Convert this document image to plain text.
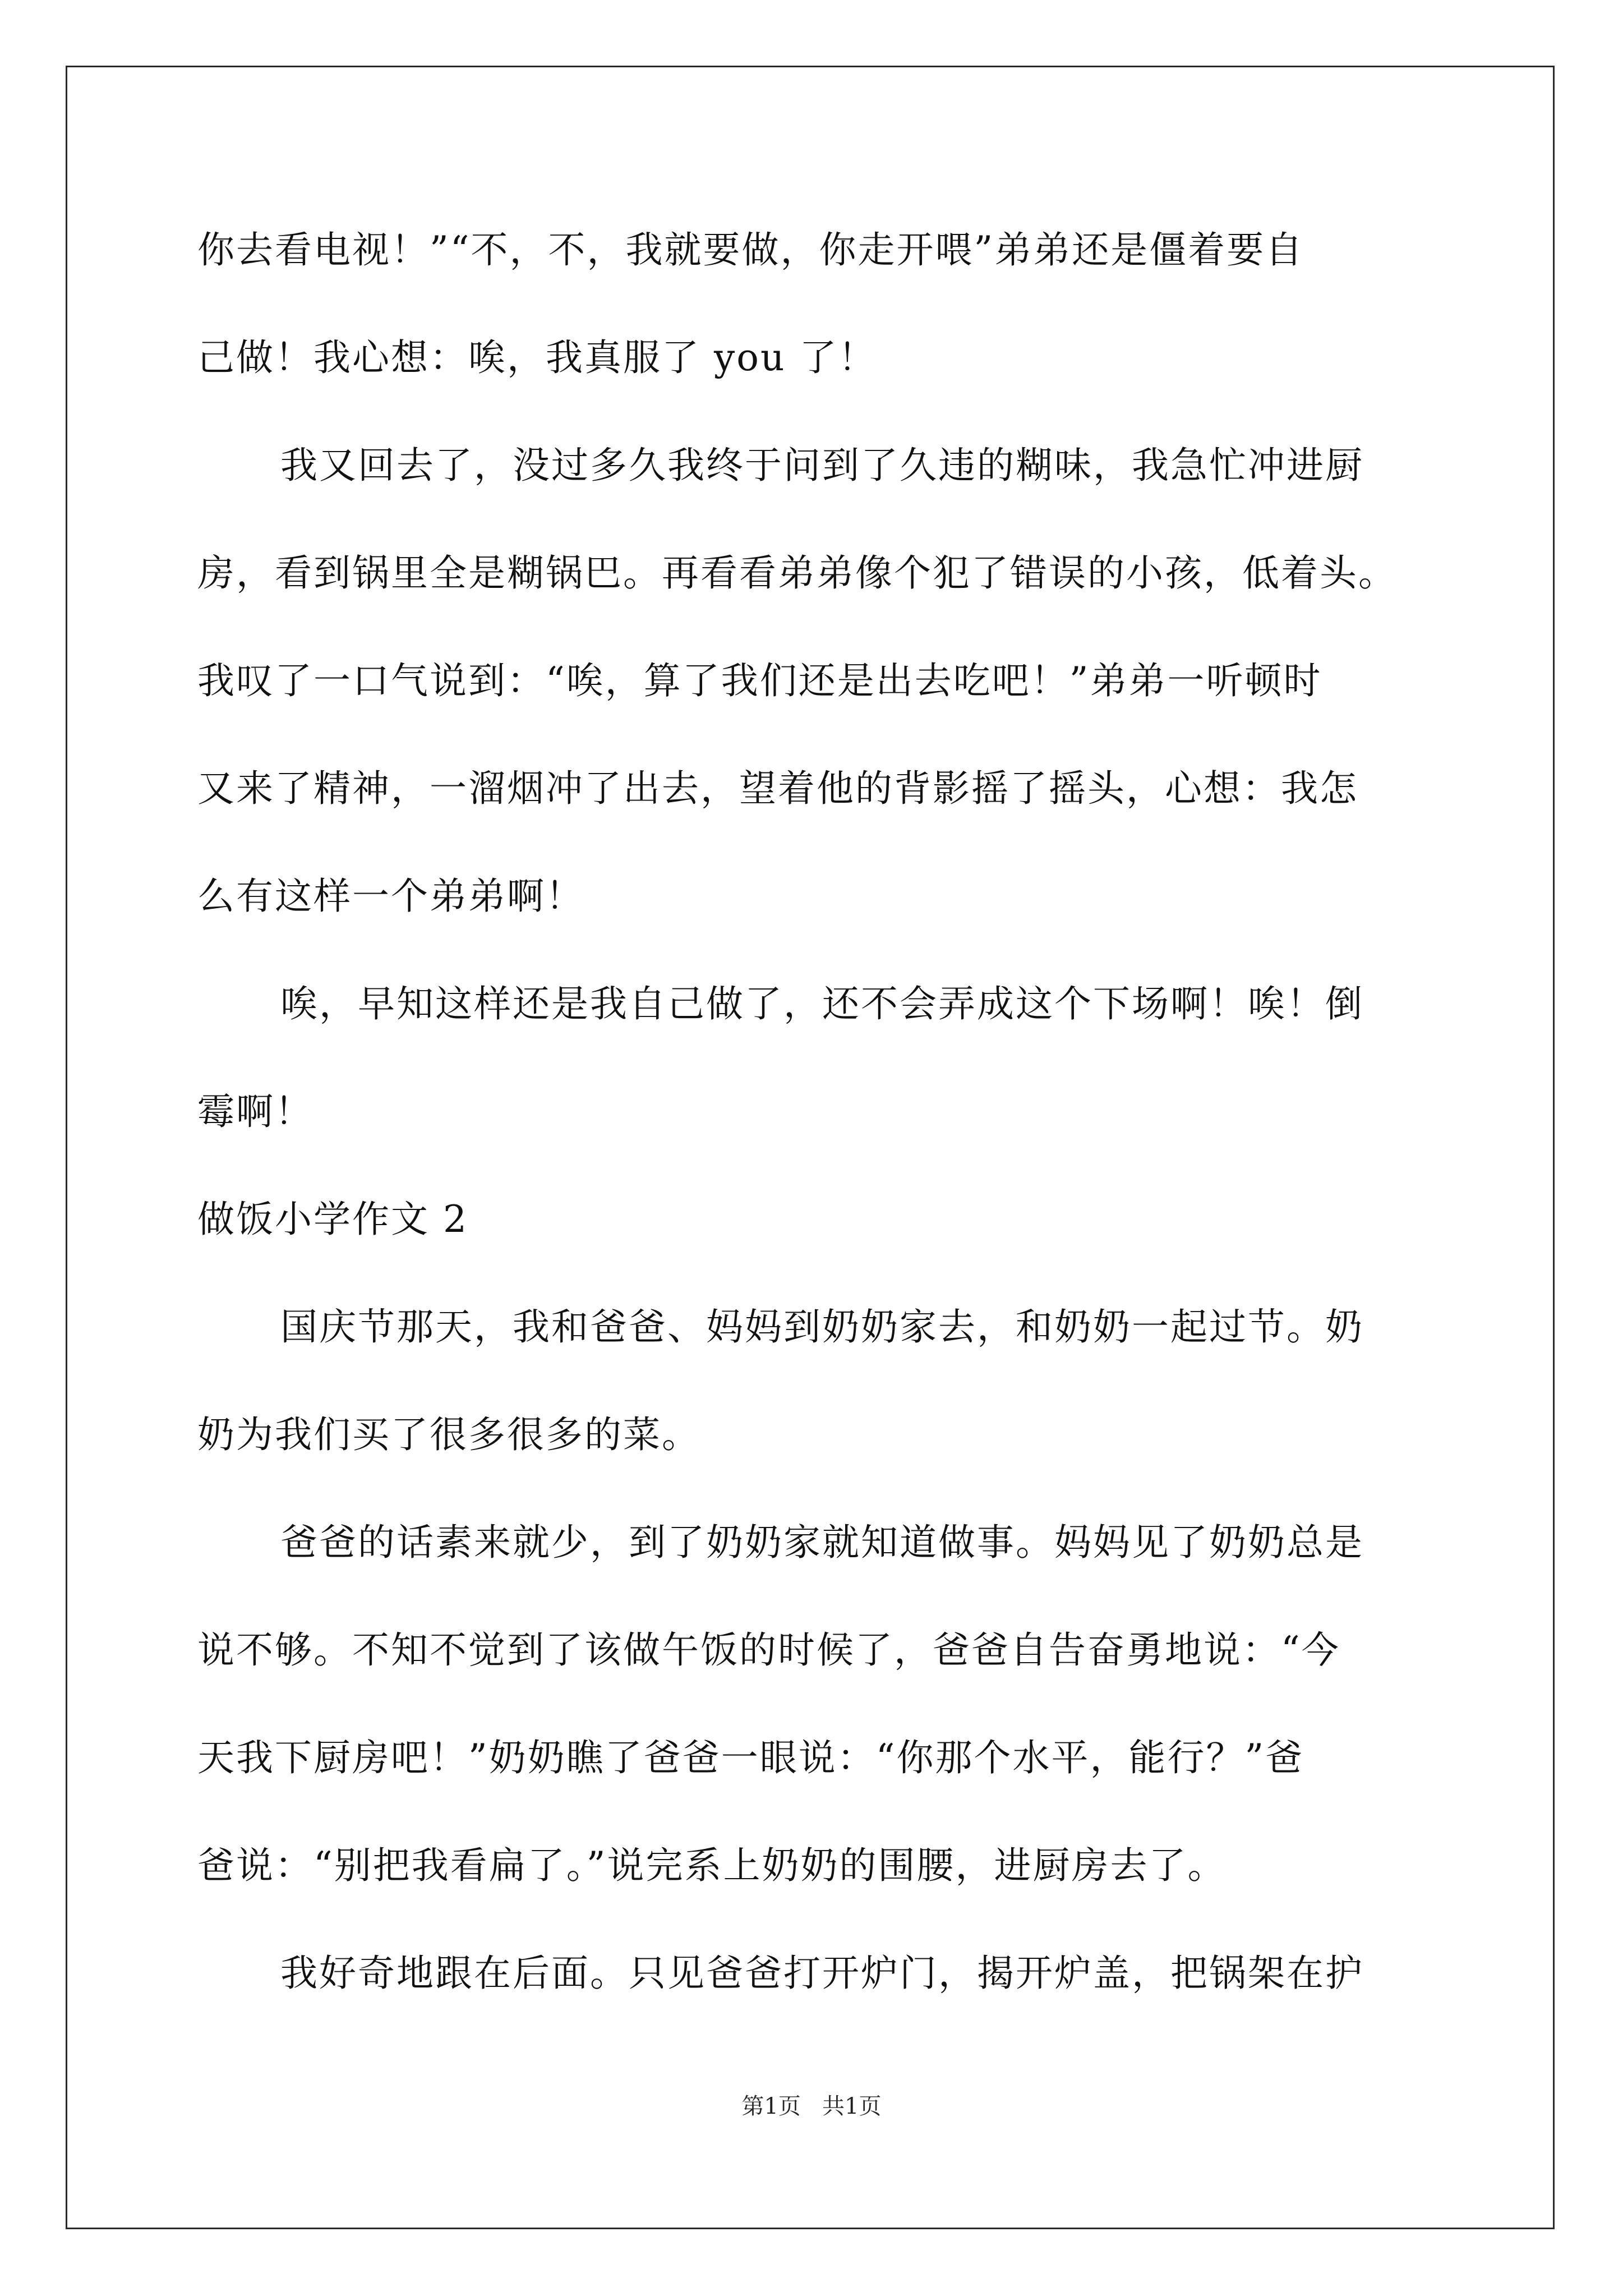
你去看电视！”“不，不，我就要做，你走开喂”弟弟还是僵着要自
己做！我心想：唉，我真服了 you 了！
我又回去了，没过多久我终于问到了久违的糊味，我急忙冲进厨
房，看到锅里全是糊锅巴。再看看弟弟像个犯了错误的小孩，低着头。
我叹了一口气说到：“唉，算了我们还是出去吃吧！”弟弟一听顿时
又来了精神，一溜烟冲了出去，望着他的背影摇了摇头，心想：我怎
么有这样一个弟弟啊！
唉，早知这样还是我自己做了，还不会弄成这个下场啊！唉！倒
霉啊！
做饭小学作文 2
国庆节那天，我和爸爸、妈妈到奶奶家去，和奶奶一起过节。奶
奶为我们买了很多很多的菜。
爸爸的话素来就少，到了奶奶家就知道做事。妈妈见了奶奶总是
说不够。不知不觉到了该做午饭的时候了，爸爸自告奋勇地说：“今
天我下厨房吧！”奶奶瞧了爸爸一眼说：“你那个水平，能行？”爸
爸说：“别把我看扁了。”说完系上奶奶的围腰，进厨房去了。
我好奇地跟在后面。只见爸爸打开炉门，揭开炉盖，把锅架在护
第1页   共1页
